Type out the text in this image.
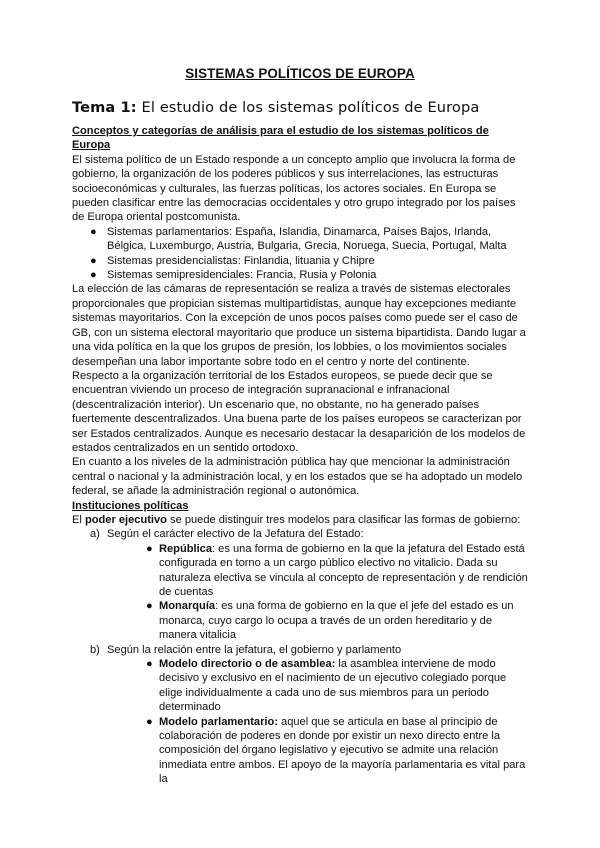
SISTEMAS POLÍTICOS DE EUROPA
Tema 1: El estudio de los sistemas políticos de Europa
Conceptos y categorías de análisis para el estudio de los sistemas políticos de Europa

El sistema político de un Estado responde a un concepto amplio que involucra la forma de gobierno, la organización de los poderes públicos y sus interrelaciones, las estructuras socioeconómicas y culturales, las fuerzas políticas, los actores sociales. En Europa se pueden clasificar entre las democracias occidentales y otro grupo integrado por los países de Europa oriental postcomunista.

● Sistemas parlamentarios: España, Islandia, Dinamarca, Países Bajos, Irlanda, Bélgica, Luxemburgo, Austria, Bulgaria, Grecia, Noruega, Suecia, Portugal, Malta
● Sistemas presidencialistas: Finlandia, lituania y Chipre
● Sistemas semipresidenciales: Francia, Rusia y Polonia

La elección de las cámaras de representación se realiza a través de sistemas electorales proporcionales que propician sistemas multipartidistas, aunque hay excepciones mediante sistemas mayoritarios. Con la excepción de unos pocos países como puede ser el caso de GB, con un sistema electoral mayoritario que produce un sistema bipartidista. Dando lugar a una vida política en la que los grupos de presión, los lobbies, o los movimientos sociales desempeñan una labor importante sobre todo en el centro y norte del continente.

Respecto a la organización territorial de los Estados europeos, se puede decir que se encuentran viviendo un proceso de integración supranacional e infranacional (descentralización interior). Un escenario que, no obstante, no ha generado países fuertemente descentralizados. Una buena parte de los países europeos se caracterizan por ser Estados centralizados. Aunque es necesario destacar la desaparición de los modelos de estados centralizados en un sentido ortodoxo.

En cuanto a los niveles de la administración pública hay que mencionar la administración central o nacional y la administración local, y en los estados que se ha adoptado un modelo federal, se añade la administración regional o autonómica.

Instituciones políticas

El poder ejecutivo se puede distinguir tres modelos para clasificar las formas de gobierno:

a) Según el carácter electivo de la Jefatura del Estado:
● República: es una forma de gobierno en la que la jefatura del Estado está configurada en torno a un cargo público electivo no vitalicio. Dada su naturaleza electiva se vincula al concepto de representación y de rendición de cuentas
● Monarquía: es una forma de gobierno en la que el jefe del estado es un monarca, cuyo cargo lo ocupa a través de un orden hereditario y de manera vitalicia
b) Según la relación entre la jefatura, el gobierno y parlamento
● Modelo directorio o de asamblea: la asamblea interviene de modo decisivo y exclusivo en el nacimiento de un ejecutivo colegiado porque elige individualmente a cada uno de sus miembros para un periodo determinado
● Modelo parlamentario: aquel que se articula en base al principio de colaboración de poderes en donde por existir un nexo directo entre la composición del órgano legislativo y ejecutivo se admite una relación inmediata entre ambos. El apoyo de la mayoría parlamentaria es vital para la
